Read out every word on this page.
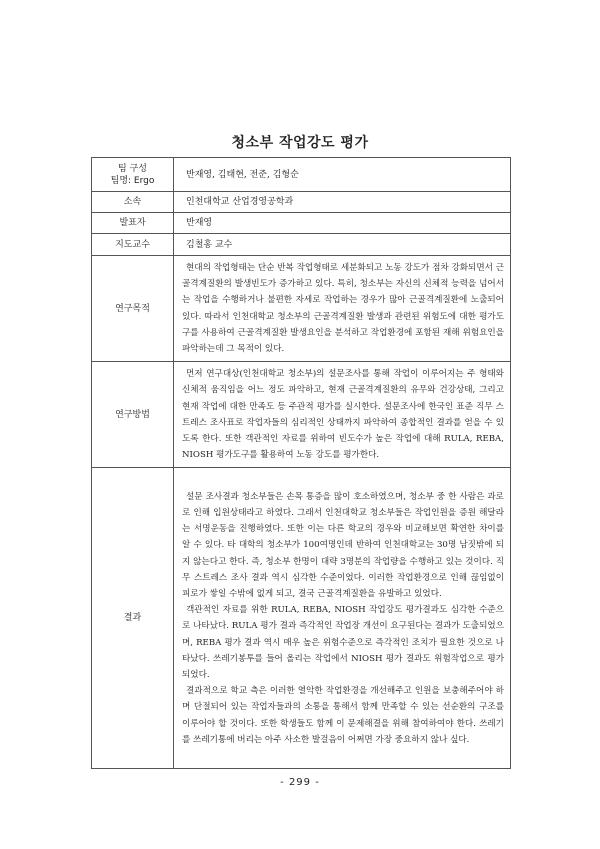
청소부 작업강도 평가
팀 구성
팀명: Ergo	반재영, 김태현, 전준, 김형순
소속	인천대학교 산업경영공학과
발표자	반재영
지도교수	김철홍 교수
연구목적	현대의 작업형태는 단순 반복 작업형태로 세분화되고 노동 강도가 점차 강화되면서 근골격계질환의 발생빈도가 증가하고 있다. 특히, 청소부는 자신의 신체적 능력을 넘어서는 작업을 수행하거나 불편한 자세로 작업하는 경우가 많아 근골격계질환에 노출되어 있다. 따라서 인천대학교 청소부의 근골격계질환 발생과 관련된 위험도에 대한 평가도구를 사용하여 근골격계질환 발생요인을 분석하고 작업환경에 포함된 재해 위험요인을 파악하는데 그 목적이 있다.

연구방법	먼저 연구대상(인천대학교 청소부)의 설문조사를 통해 작업이 이루어지는 주 형태와 신체적 움직임을 어느 정도 파악하고, 현재 근골격계질환의 유무와 건강상태, 그리고 현재 작업에 대한 만족도 등 주관적 평가를 실시한다. 설문조사에 한국인 표준 직무 스트레스 조사표로 작업자들의 심리적인 상태까지 파악하여 종합적인 결과를 얻을 수 있도록 한다. 또한 객관적인 자료를 위하여 빈도수가 높은 작업에 대해 RULA, REBA, NIOSH 평가도구를 활용하여 노동 강도를 평가한다.

결과	설문 조사결과 청소부들은 손목 통증을 많이 호소하였으며, 청소부 중 한 사람은 과로로 인해 입원상태라고 하였다. 그래서 인천대학교 청소부들은 작업인원을 증원 해달라는 서명운동을 진행하였다. 또한 이는 다른 학교의 경우와 비교해보면 확연한 차이를 알 수 있다. 타 대학의 청소부가 100여명인데 반하여 인천대학교는 30명 남짓밖에 되지 않는다고 한다. 즉, 청소부 한명이 대략 3명분의 작업량을 수행하고 있는 것이다. 직무 스트레스 조사 결과 역시 심각한 수준이었다. 이러한 작업환경으로 인해 끊임없이 피로가 쌓일 수밖에 없게 되고, 결국 근골격계질환을 유발하고 있었다.

객관적인 자료를 위한 RULA, REBA, NIOSH 작업강도 평가결과도 심각한 수준으로 나타났다. RULA 평가 결과 즉각적인 작업장 개선이 요구된다는 결과가 도출되었으며, REBA 평가 결과 역시 매우 높은 위험수준으로 즉각적인 조치가 필요한 것으로 나타났다. 쓰레기봉투를 들어 올리는 작업에서 NIOSH 평가 결과도 위험작업으로 평가되었다.

결과적으로 학교 측은 이러한 열악한 작업환경을 개선해주고 인원을 보충해주어야 하며 단절되어 있는 작업자들과의 소통을 통해서 함께 만족할 수 있는 선순환의 구조를 이루어야 할 것이다. 또한 학생들도 함께 이 문제해결을 위해 참여하여야 한다. 쓰레기를 쓰레기통에 버리는 아주 사소한 발걸음이 어쩌면 가장 중요하지 않나 싶다.

- 299 -
